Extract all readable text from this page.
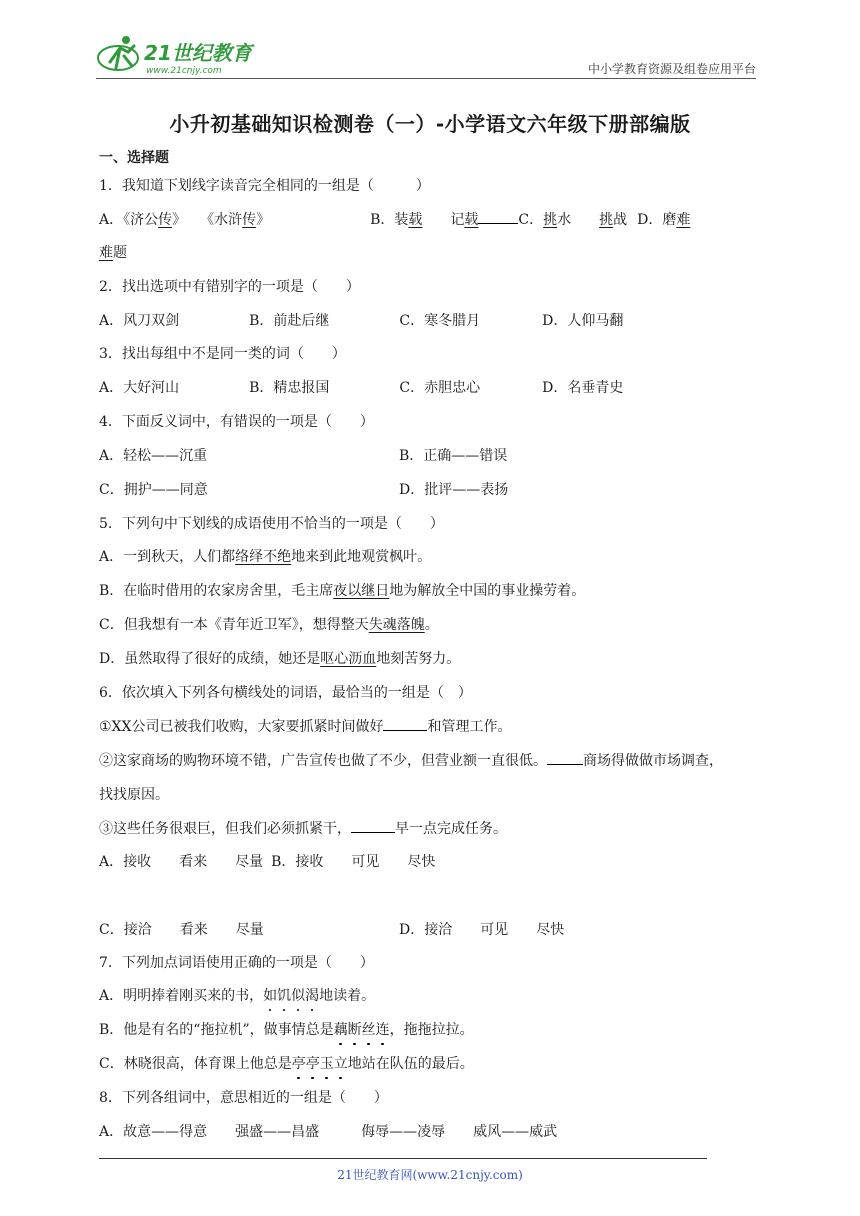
21世纪教育
www.21cnjy.com	中小学教育资源及组卷应用平台
小升初基础知识检测卷（一）-小学语文六年级下册部编版
一、选择题
1．我知道下划线字读音完全相同的一组是（　　　）
A．《济公传》　　《水浒传》	B．装载　　记载	C．挑水　　挑战 D．磨难
难题
2．找出选项中有错别字的一项是（　　）
A．风刀双剑	B．前赴后继	C．寒冬腊月	D．人仰马翻
3．找出每组中不是同一类的词（　　）
A．大好河山	B．精忠报国	C．赤胆忠心	D．名垂青史
4．下面反义词中，有错误的一项是（　　）
A．轻松——沉重	B．正确——错误
C．拥护——同意	D．批评——表扬
5．下列句中下划线的成语使用不恰当的一项是（　　）
A．一到秋天，人们都络绎不绝地来到此地观赏枫叶。
B．在临时借用的农家房舍里，毛主席夜以继日地为解放全中国的事业操劳着。
C．但我想有一本《青年近卫军》，想得整天失魂落魄。
D．虽然取得了很好的成绩，她还是呕心沥血地刻苦努力。
6．依次填入下列各句横线处的词语，最恰当的一组是（　）
①XX公司已被我们收购，大家要抓紧时间做好	和管理工作。
②这家商场的购物环境不错，广告宣传也做了不少，但营业额一直很低。	商场得做做市场调查，
找找原因。
③这些任务很艰巨，但我们必须抓紧干，	早一点完成任务。
A．接收　　看来　　尽量 B．接收　　可见　　尽快
C．接洽　　看来　　尽量	D．接洽　　可见　　尽快
7．下列加点词语使用正确的一项是（　　）
A．明明捧着刚买来的书，如饥似渴地读着。
B．他是有名的“拖拉机”，做事情总是藕断丝连，拖拖拉拉。
C．林晓很高，体育课上他总是亭亭玉立地站在队伍的最后。
8．下列各组词中，意思相近的一组是（　　）
A．故意——得意　　强盛——昌盛　　　侮辱——凌辱　　威风——威武
21世纪教育网(www.21cnjy.com)
